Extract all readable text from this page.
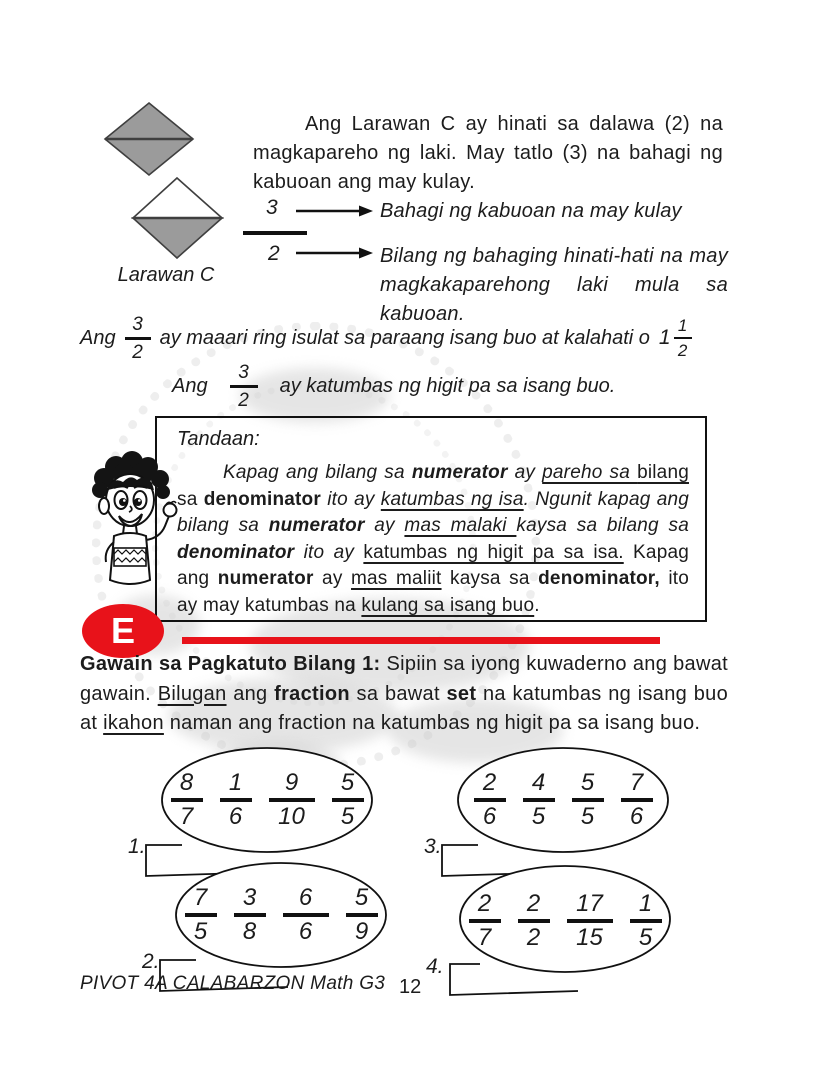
Larawan C
Ang Larawan C ay hinati sa dalawa (2) na magkapareho ng laki. May tatlo (3) na bahagi ng kabuoan ang may kulay.
3
2
Bahagi ng kabuoan na may kulay
Bilang ng bahaging hinati-hati na may magkakaparehong laki mula sa kabuoan.
Ang $\frac{3}{2}$ ay maaari ring isulat sa paraang isang buo at kalahati o $1 \frac{1}{2}$
Ang $\frac{3}{2}$ ay katumbas ng higit pa sa isang buo.
Tandaan:

Kapag ang bilang sa numerator ay pareho sa bilang sa denominator ito ay katumbas ng isa. Ngunit kapag ang bilang sa numerator ay mas malaki kaysa sa bilang sa denominator ito ay katumbas ng higit pa sa isa. Kapag ang numerator ay mas maliit kaysa sa denominator, ito ay may katumbas na kulang sa isang buo.

E

Gawain sa Pagkatuto Bilang 1: Sipiin sa iyong kuwaderno ang bawat gawain. Bilugan ang fraction sa bawat set na katumbas ng isang buo at ikahon naman ang fraction na katumbas ng higit pa sa isang buo.

$\frac{8}{7} \frac{1}{6} \frac{9}{10} \frac{5}{5}$
1.
$\frac{2}{6} \frac{4}{5} \frac{5}{5} \frac{7}{6}$
3.
$\frac{7}{5} \frac{3}{8} \frac{6}{6} \frac{5}{9}$
2.
$\frac{2}{7} \frac{2}{2} \frac{17}{15} \frac{1}{5}$
4.
PIVOT 4A CALABARZON Math G3 12
